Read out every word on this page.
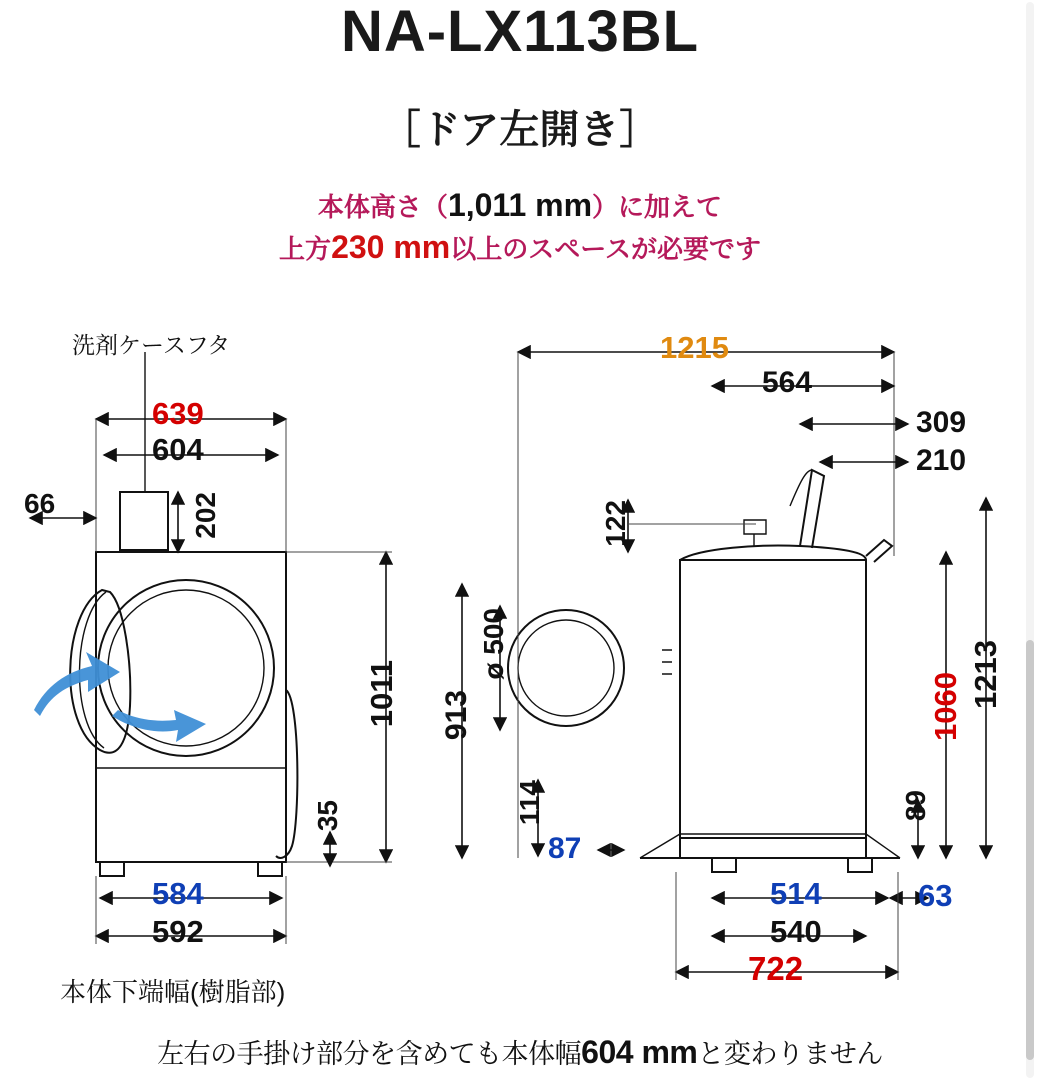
NA-LX113BL
［ドア左開き］
本体高さ（1,011 mm）に加えて
上方230 mm以上のスペースが必要です
洗剤ケースフタ
本体下端幅(樹脂部)
左右の手掛け部分を含めても本体幅604 mmと変わりません
639
604
66	202
1011
35
584
592
1215
564
309
210
122
ø 500
913
114
87
1060 1213
89
63
514
540
722
